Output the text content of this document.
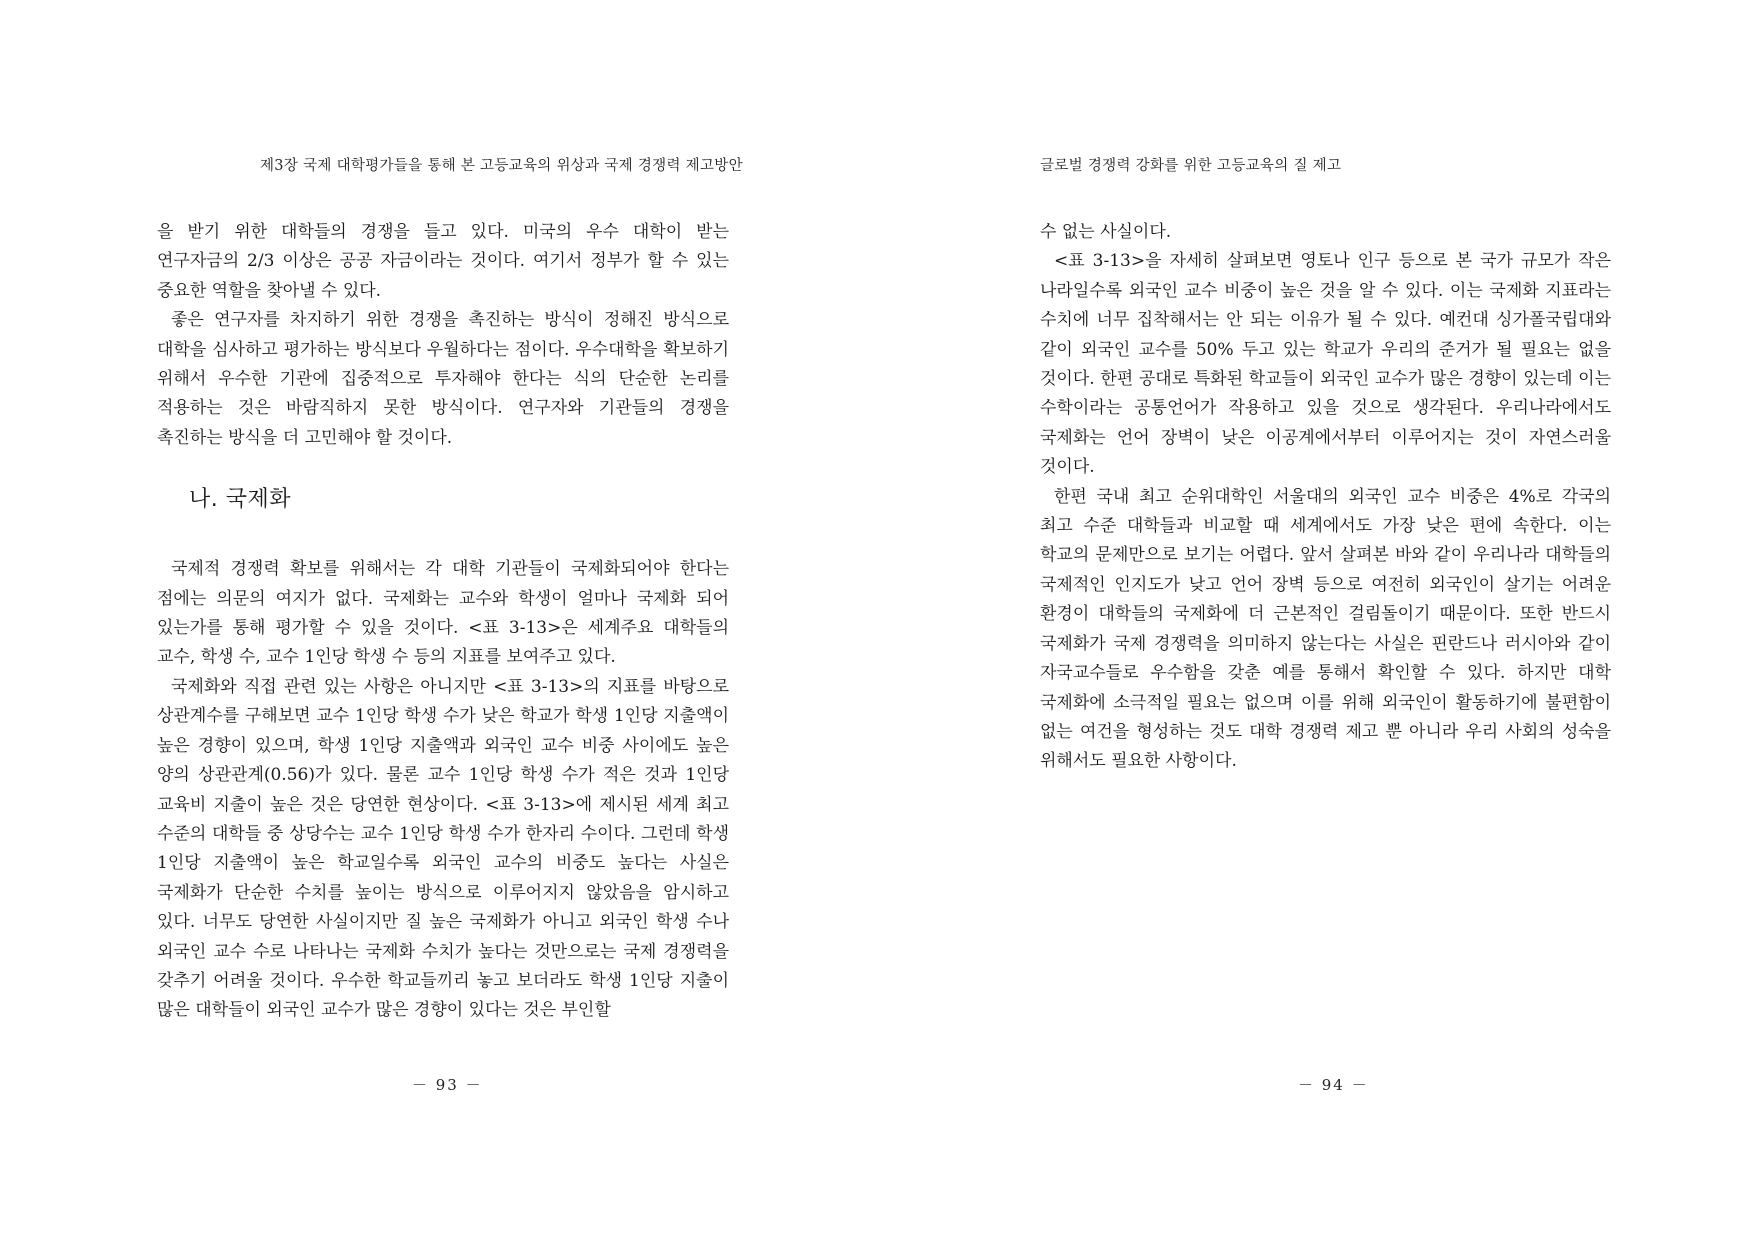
제3장 국제 대학평가들을 통해 본 고등교육의 위상과 국제 경쟁력 제고방안

을 받기 위한 대학들의 경쟁을 들고 있다. 미국의 우수 대학이 받는 연구자금의 2/3 이상은 공공 자금이라는 것이다. 여기서 정부가 할 수 있는 중요한 역할을 찾아낼 수 있다.

좋은 연구자를 차지하기 위한 경쟁을 촉진하는 방식이 정해진 방식으로 대학을 심사하고 평가하는 방식보다 우월하다는 점이다. 우수대학을 확보하기 위해서 우수한 기관에 집중적으로 투자해야 한다는 식의 단순한 논리를 적용하는 것은 바람직하지 못한 방식이다. 연구자와 기관들의 경쟁을 촉진하는 방식을 더 고민해야 할 것이다.

나. 국제화

국제적 경쟁력 확보를 위해서는 각 대학 기관들이 국제화되어야 한다는 점에는 의문의 여지가 없다. 국제화는 교수와 학생이 얼마나 국제화 되어 있는가를 통해 평가할 수 있을 것이다. <표 3-13>은 세계주요 대학들의 교수, 학생 수, 교수 1인당 학생 수 등의 지표를 보여주고 있다.

국제화와 직접 관련 있는 사항은 아니지만 <표 3-13>의 지표를 바탕으로 상관계수를 구해보면 교수 1인당 학생 수가 낮은 학교가 학생 1인당 지출액이 높은 경향이 있으며, 학생 1인당 지출액과 외국인 교수 비중 사이에도 높은 양의 상관관계(0.56)가 있다. 물론 교수 1인당 학생 수가 적은 것과 1인당 교육비 지출이 높은 것은 당연한 현상이다. <표 3-13>에 제시된 세계 최고 수준의 대학들 중 상당수는 교수 1인당 학생 수가 한자리 수이다. 그런데 학생 1인당 지출액이 높은 학교일수록 외국인 교수의 비중도 높다는 사실은 국제화가 단순한 수치를 높이는 방식으로 이루어지지 않았음을 암시하고 있다. 너무도 당연한 사실이지만 질 높은 국제화가 아니고 외국인 학생 수나 외국인 교수 수로 나타나는 국제화 수치가 높다는 것만으로는 국제 경쟁력을 갖추기 어려울 것이다. 우수한 학교들끼리 놓고 보더라도 학생 1인당 지출이 많은 대학들이 외국인 교수가 많은 경향이 있다는 것은 부인할

－ 93 －
글로벌 경쟁력 강화를 위한 고등교육의 질 제고

수 없는 사실이다.

<표 3-13>을 자세히 살펴보면 영토나 인구 등으로 본 국가 규모가 작은 나라일수록 외국인 교수 비중이 높은 것을 알 수 있다. 이는 국제화 지표라는 수치에 너무 집착해서는 안 되는 이유가 될 수 있다. 예컨대 싱가폴국립대와 같이 외국인 교수를 50% 두고 있는 학교가 우리의 준거가 될 필요는 없을 것이다. 한편 공대로 특화된 학교들이 외국인 교수가 많은 경향이 있는데 이는 수학이라는 공통언어가 작용하고 있을 것으로 생각된다. 우리나라에서도 국제화는 언어 장벽이 낮은 이공계에서부터 이루어지는 것이 자연스러울 것이다.

한편 국내 최고 순위대학인 서울대의 외국인 교수 비중은 4%로 각국의 최고 수준 대학들과 비교할 때 세계에서도 가장 낮은 편에 속한다. 이는 학교의 문제만으로 보기는 어렵다. 앞서 살펴본 바와 같이 우리나라 대학들의 국제적인 인지도가 낮고 언어 장벽 등으로 여전히 외국인이 살기는 어려운 환경이 대학들의 국제화에 더 근본적인 걸림돌이기 때문이다. 또한 반드시 국제화가 국제 경쟁력을 의미하지 않는다는 사실은 핀란드나 러시아와 같이 자국교수들로 우수함을 갖춘 예를 통해서 확인할 수 있다. 하지만 대학 국제화에 소극적일 필요는 없으며 이를 위해 외국인이 활동하기에 불편함이 없는 여건을 형성하는 것도 대학 경쟁력 제고 뿐 아니라 우리 사회의 성숙을 위해서도 필요한 사항이다.

－ 94 －
